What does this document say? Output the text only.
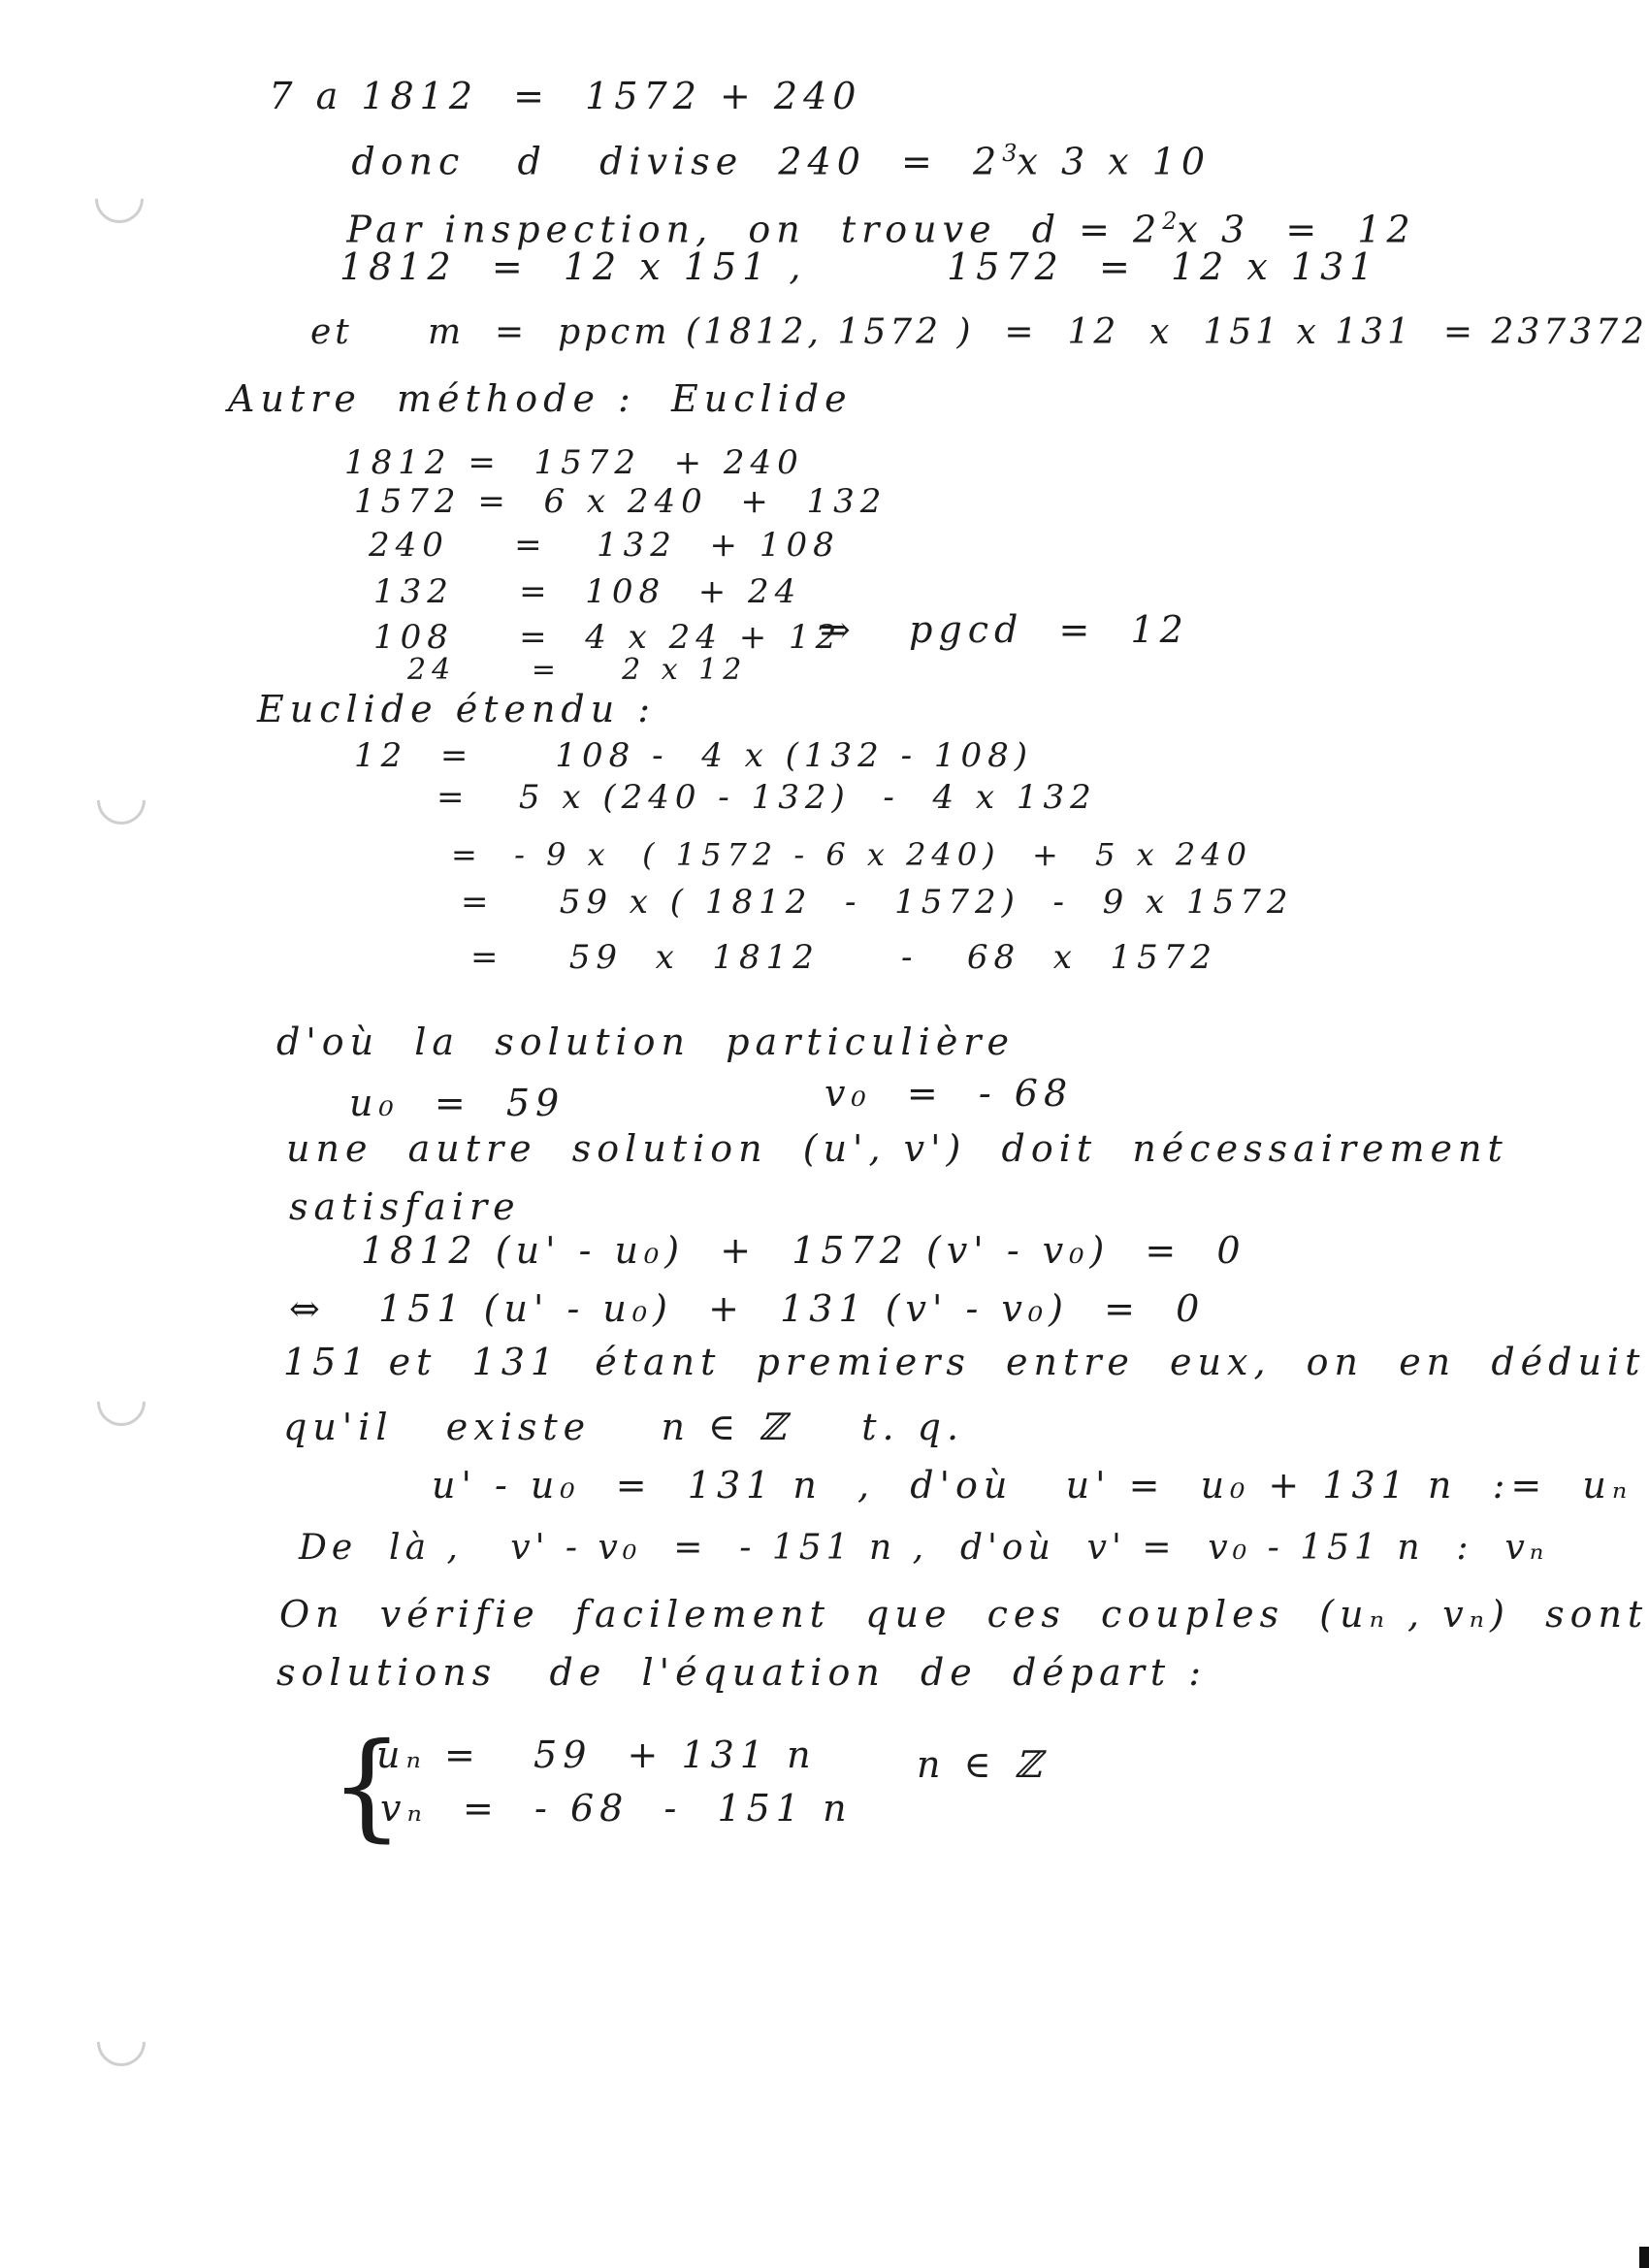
7 a 1812  =  1572 + 240

donc   d   divise  $240 = 2^3x$ 3 x 10

Par inspection,  on  trouve  $d = 2^2x$ 3  =  12

1812  =  12 x 151 ,        1572  =  12 x 131
et     m  =  ppcm (1812, 1572 )  =  12  x  151 x 131  = 237372
Autre  méthode :  Euclide
1812 =  1572  + 240
1572 =  6 x 240  +  132
240    =   132  + 108
132    =  108  + 24
108    =  4 x 24 + 12
⇒   pgcd  =  12
24     =    2 x 12
Euclide étendu :
12  =     108 -  4 x (132 - 108)
=   5 x (240 - 132)  -  4 x 132
=  - 9 x  ( 1572 - 6 x 240)  +  5 x 240
=    59 x ( 1812  -  1572)  -  9 x 1572
=    59  x  1812     -   68  x  1572
d'où  la  solution  particulière
u₀  =  59	v₀  =  - 68
une  autre  solution  (u', v')  doit  nécessairement
satisfaire
1812 (u' - u₀)  +  1572 (v' - v₀)  =  0
⇔   151 (u' - u₀)  +  131 (v' - v₀)  =  0
151 et  131  étant  premiers  entre  eux,  on  en  déduit
qu'il   existe    n ∈ ℤ    t. q.
u' - u₀  =  131 n  ,  d'où   u' =  u₀ + 131 n  :=  uₙ
De  là ,   v' - v₀  =  - 151 n ,  d'où  v' =  v₀ - 151 n  :  vₙ
On  vérifie  facilement  que  ces  couples  (uₙ , vₙ)  sont
solutions   de  l'équation  de  départ :
{
uₙ =   59  + 131 n	n ∈ ℤ
vₙ  =  - 68  -  151 n
